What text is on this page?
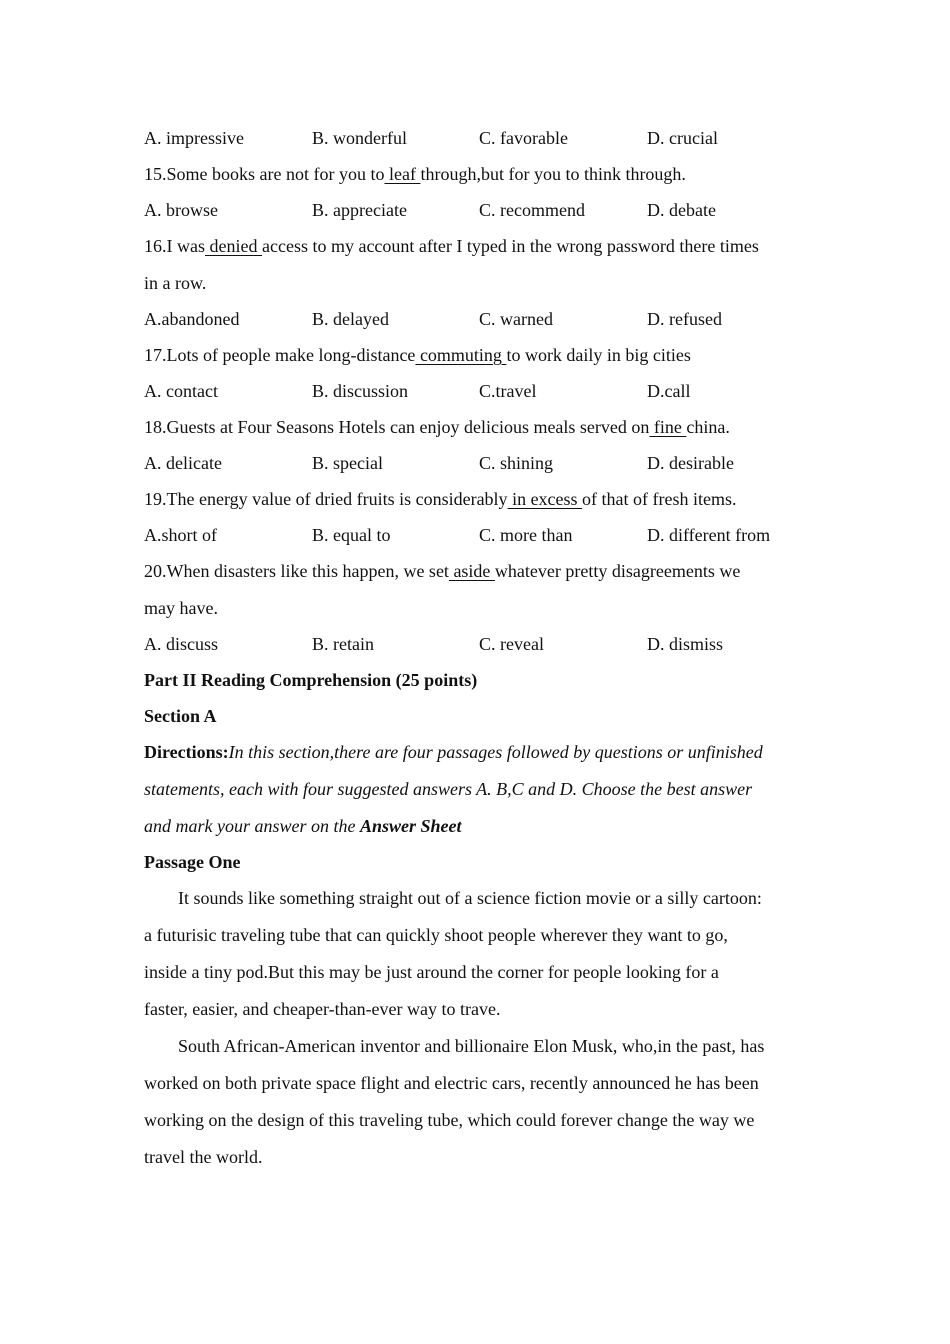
A. impressive	B. wonderful	C. favorable	D. crucial
15.Some books are not for you to leaf through,but for you to think through.
A. browse	B. appreciate	C. recommend	D. debate
16.I was denied access to my account after I typed in the wrong password there times
in a row.
A.abandoned	B. delayed	C. warned	D. refused
17.Lots of people make long-distance commuting to work daily in big cities
A. contact	B. discussion	C.travel	D.call
18.Guests at Four Seasons Hotels can enjoy delicious meals served on fine china.
A. delicate	B. special	C. shining	D. desirable
19.The energy value of dried fruits is considerably in excess of that of fresh items.
A.short of	B. equal to	C. more than	D. different from
20.When disasters like this happen, we set aside whatever pretty disagreements we
may have.
A. discuss	B. retain	C. reveal	D. dismiss
Part II Reading Comprehension (25 points)
Section A
Directions:In this section,there are four passages followed by questions or unfinished
statements, each with four suggested answers A. B,C and D. Choose the best answer
and mark your answer on the Answer Sheet
Passage One
It sounds like something straight out of a science fiction movie or a silly cartoon:
a futurisic traveling tube that can quickly shoot people wherever they want to go,
inside a tiny pod.But this may be just around the corner for people looking for a
faster, easier, and cheaper-than-ever way to trave.
South African-American inventor and billionaire Elon Musk, who,in the past, has
worked on both private space flight and electric cars, recently announced he has been
working on the design of this traveling tube, which could forever change the way we
travel the world.
